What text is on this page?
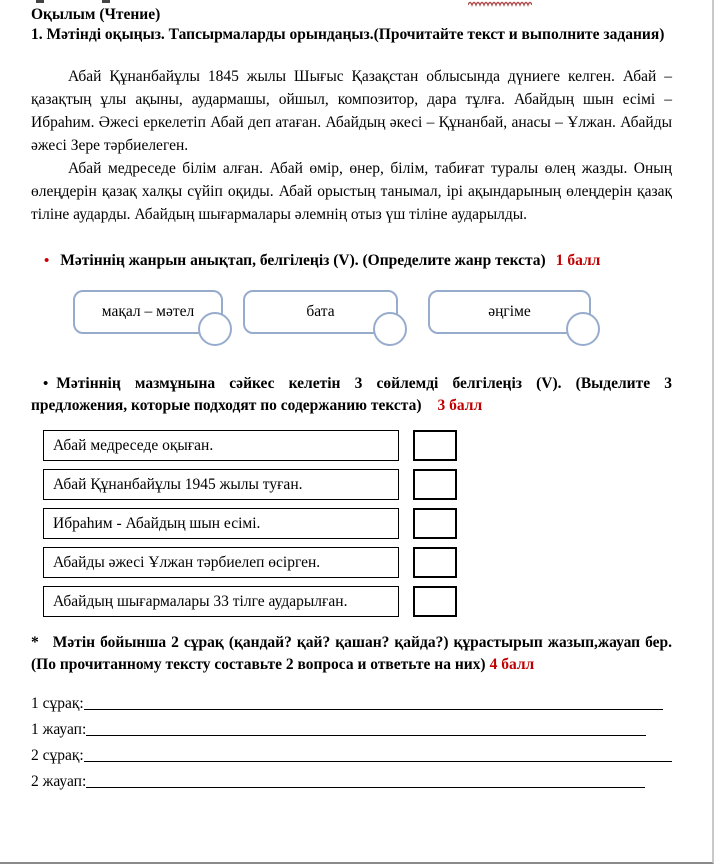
Оқылым (Чтение)
1. Мәтінді оқыңыз. Тапсырмаларды орындаңыз.(Прочитайте текст и выполните задания)

Абай Құнанбайұлы 1845 жылы Шығыс Қазақстан облысында дүниеге келген. Абай – қазақтың ұлы ақыны, аудармашы, ойшыл, композитор, дара тұлға. Абайдың шын есімі – Ибраһим. Әжесі еркелетіп Абай деп атаған. Абайдың әкесі – Құнанбай, анасы – Ұлжан. Абайды әжесі Зере тәрбиелеген.

Абай медреседе білім алған. Абай өмір, өнер, білім, табиғат туралы өлең жазды. Оның өлеңдерін қазақ халқы сүйіп оқиды. Абай орыстың танымал, ірі ақындарының өлеңдерін қазақ тіліне аударды. Абайдың шығармалары әлемнің отыз үш тіліне аударылды.

• Мәтіннің жанрын анықтап, белгілеңіз (V). (Определите жанр текста) 1 балл

мақал – мәтел	бата	әңгіме

• Мәтіннің мазмұнына сәйкес келетін 3 сөйлемді белгілеңіз (V). (Выделите 3 предложения, которые подходят по содержанию текста) 3 балл

Абай медреседе оқыған.
Абай Құнанбайұлы 1945 жылы туған.
Ибраһим - Абайдың шын есімі.
Абайды әжесі Ұлжан тәрбиелеп өсірген.
Абайдың шығармалары 33 тілге аударылған.

* Мәтін бойынша 2 сұрақ (қандай? қай? қашан? қайда?) құрастырып жазып,жауап бер. (По прочитанному тексту составьте 2 вопроса и ответьте на них) 4 балл

1 сұрақ:
1 жауап:
2 сұрақ:
2 жауап:
